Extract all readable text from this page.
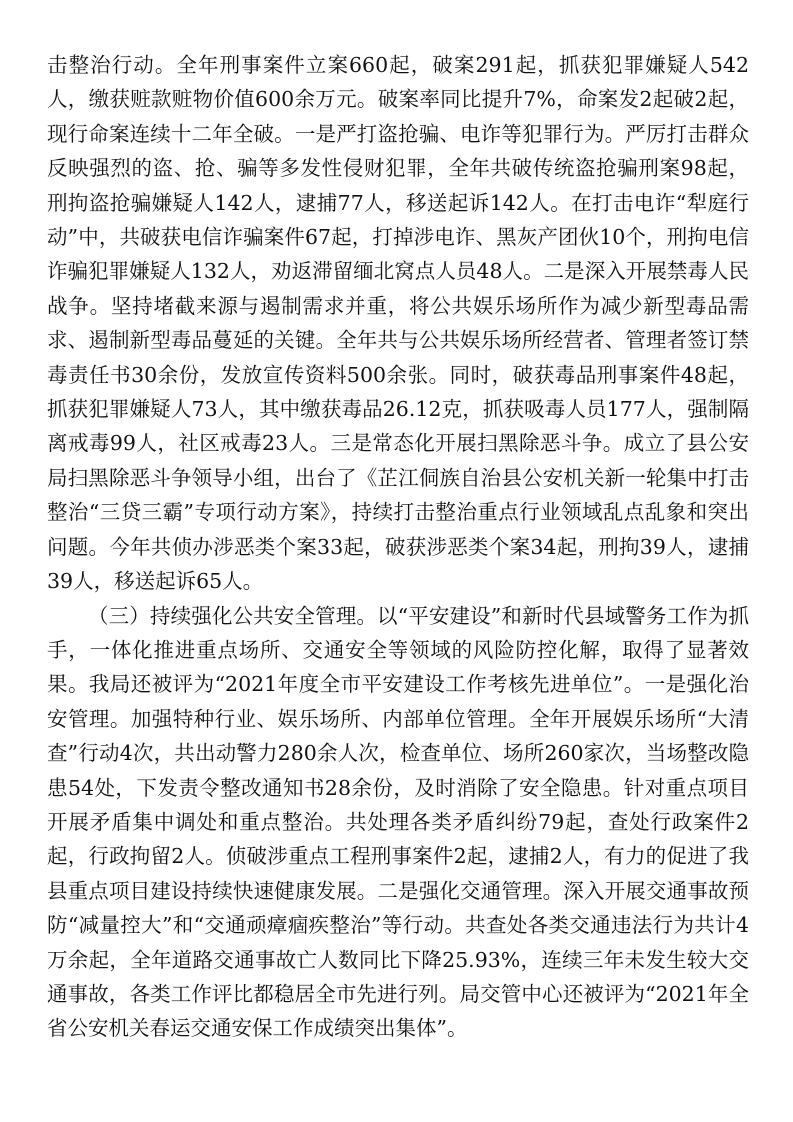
击整治行动。全年刑事案件立案660起，破案291起，抓获犯罪嫌疑人542人，缴获赃款赃物价值600余万元。破案率同比提升7%，命案发2起破2起，现行命案连续十二年全破。一是严打盗抢骗、电诈等犯罪行为。严厉打击群众反映强烈的盗、抢、骗等多发性侵财犯罪，全年共破传统盗抢骗刑案98起，刑拘盗抢骗嫌疑人142人，逮捕77人，移送起诉142人。在打击电诈“犁庭行动”中，共破获电信诈骗案件67起，打掉涉电诈、黑灰产团伙10个，刑拘电信诈骗犯罪嫌疑人132人，劝返滞留缅北窝点人员48人。二是深入开展禁毒人民战争。坚持堵截来源与遏制需求并重，将公共娱乐场所作为减少新型毒品需求、遏制新型毒品蔓延的关键。全年共与公共娱乐场所经营者、管理者签订禁毒责任书30余份，发放宣传资料500余张。同时，破获毒品刑事案件48起，抓获犯罪嫌疑人73人，其中缴获毒品26.12克，抓获吸毒人员177人，强制隔离戒毒99人，社区戒毒23人。三是常态化开展扫黑除恶斗争。成立了县公安局扫黑除恶斗争领导小组，出台了《芷江侗族自治县公安机关新一轮集中打击整治“三贷三霸”专项行动方案》，持续打击整治重点行业领域乱点乱象和突出问题。今年共侦办涉恶类个案33起，破获涉恶类个案34起，刑拘39人，逮捕39人，移送起诉65人。

（三）持续强化公共安全管理。以“平安建设”和新时代县域警务工作为抓手，一体化推进重点场所、交通安全等领域的风险防控化解，取得了显著效果。我局还被评为“2021年度全市平安建设工作考核先进单位”。一是强化治安管理。加强特种行业、娱乐场所、内部单位管理。全年开展娱乐场所“大清查”行动4次，共出动警力280余人次，检查单位、场所260家次，当场整改隐患54处，下发责令整改通知书28余份，及时消除了安全隐患。针对重点项目开展矛盾集中调处和重点整治。共处理各类矛盾纠纷79起，查处行政案件2起，行政拘留2人。侦破涉重点工程刑事案件2起，逮捕2人，有力的促进了我县重点项目建设持续快速健康发展。二是强化交通管理。深入开展交通事故预防“减量控大”和“交通顽瘴痼疾整治”等行动。共查处各类交通违法行为共计4万余起，全年道路交通事故亡人数同比下降25.93%，连续三年未发生较大交通事故，各类工作评比都稳居全市先进行列。局交管中心还被评为“2021年全省公安机关春运交通安保工作成绩突出集体”。
